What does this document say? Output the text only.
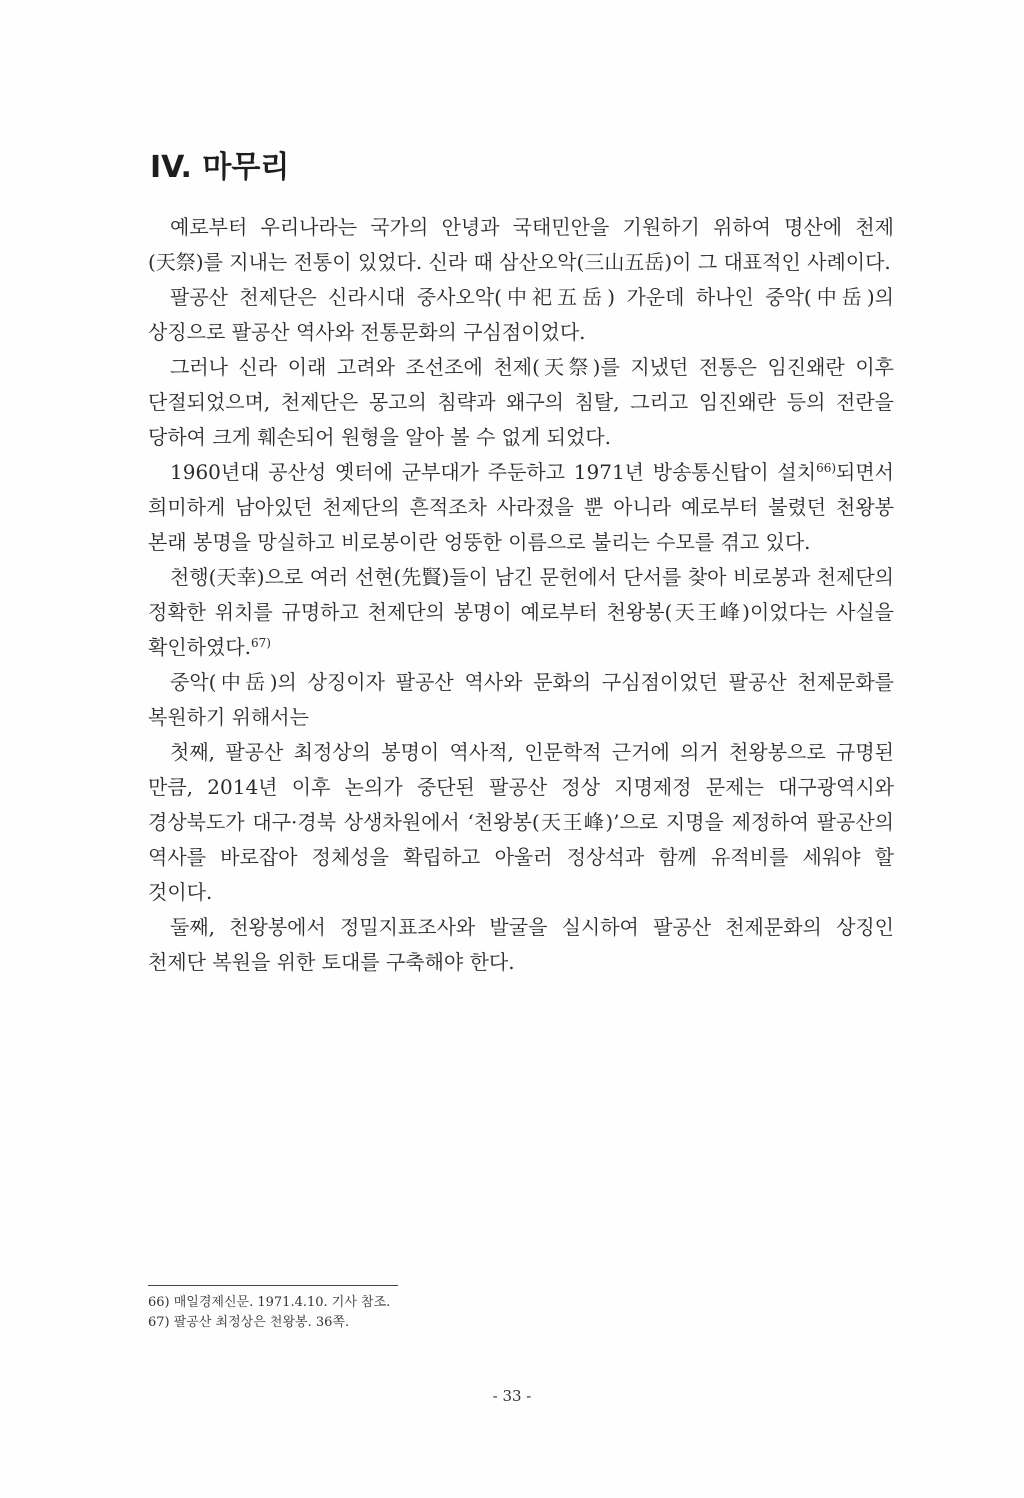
IV. 마무리

예로부터 우리나라는 국가의 안녕과 국태민안을 기원하기 위하여 명산에 천제(天祭)를 지내는 전통이 있었다. 신라 때 삼산오악(三山五岳)이 그 대표적인 사례이다.

팔공산 천제단은 신라시대 중사오악(中祀五岳) 가운데 하나인 중악(中岳)의 상징으로 팔공산 역사와 전통문화의 구심점이었다.

그러나 신라 이래 고려와 조선조에 천제(天祭)를 지냈던 전통은 임진왜란 이후 단절되었으며, 천제단은 몽고의 침략과 왜구의 침탈, 그리고 임진왜란 등의 전란을 당하여 크게 훼손되어 원형을 알아 볼 수 없게 되었다.

1960년대 공산성 옛터에 군부대가 주둔하고 1971년 방송통신탑이 설치$^{66)}$되면서 희미하게 남아있던 천제단의 흔적조차 사라졌을 뿐 아니라 예로부터 불렸던 천왕봉 본래 봉명을 망실하고 비로봉이란 엉뚱한 이름으로 불리는 수모를 겪고 있다.

천행(天幸)으로 여러 선현(先賢)들이 남긴 문헌에서 단서를 찾아 비로봉과 천제단의 정확한 위치를 규명하고 천제단의 봉명이 예로부터 천왕봉(天王峰)이었다는 사실을 확인하였다.$^{67)}$

중악(中岳)의 상징이자 팔공산 역사와 문화의 구심점이었던 팔공산 천제문화를 복원하기 위해서는

첫째, 팔공산 최정상의 봉명이 역사적, 인문학적 근거에 의거 천왕봉으로 규명된 만큼, 2014년 이후 논의가 중단된 팔공산 정상 지명제정 문제는 대구광역시와 경상북도가 대구·경북 상생차원에서 ‘천왕봉(天王峰)’으로 지명을 제정하여 팔공산의 역사를 바로잡아 정체성을 확립하고 아울러 정상석과 함께 유적비를 세워야 할 것이다.

둘째, 천왕봉에서 정밀지표조사와 발굴을 실시하여 팔공산 천제문화의 상징인 천제단 복원을 위한 토대를 구축해야 한다.

66) 매일경제신문. 1971.4.10. 기사 참조.

67) 팔공산 최정상은 천왕봉. 36쪽.

- 33 -
